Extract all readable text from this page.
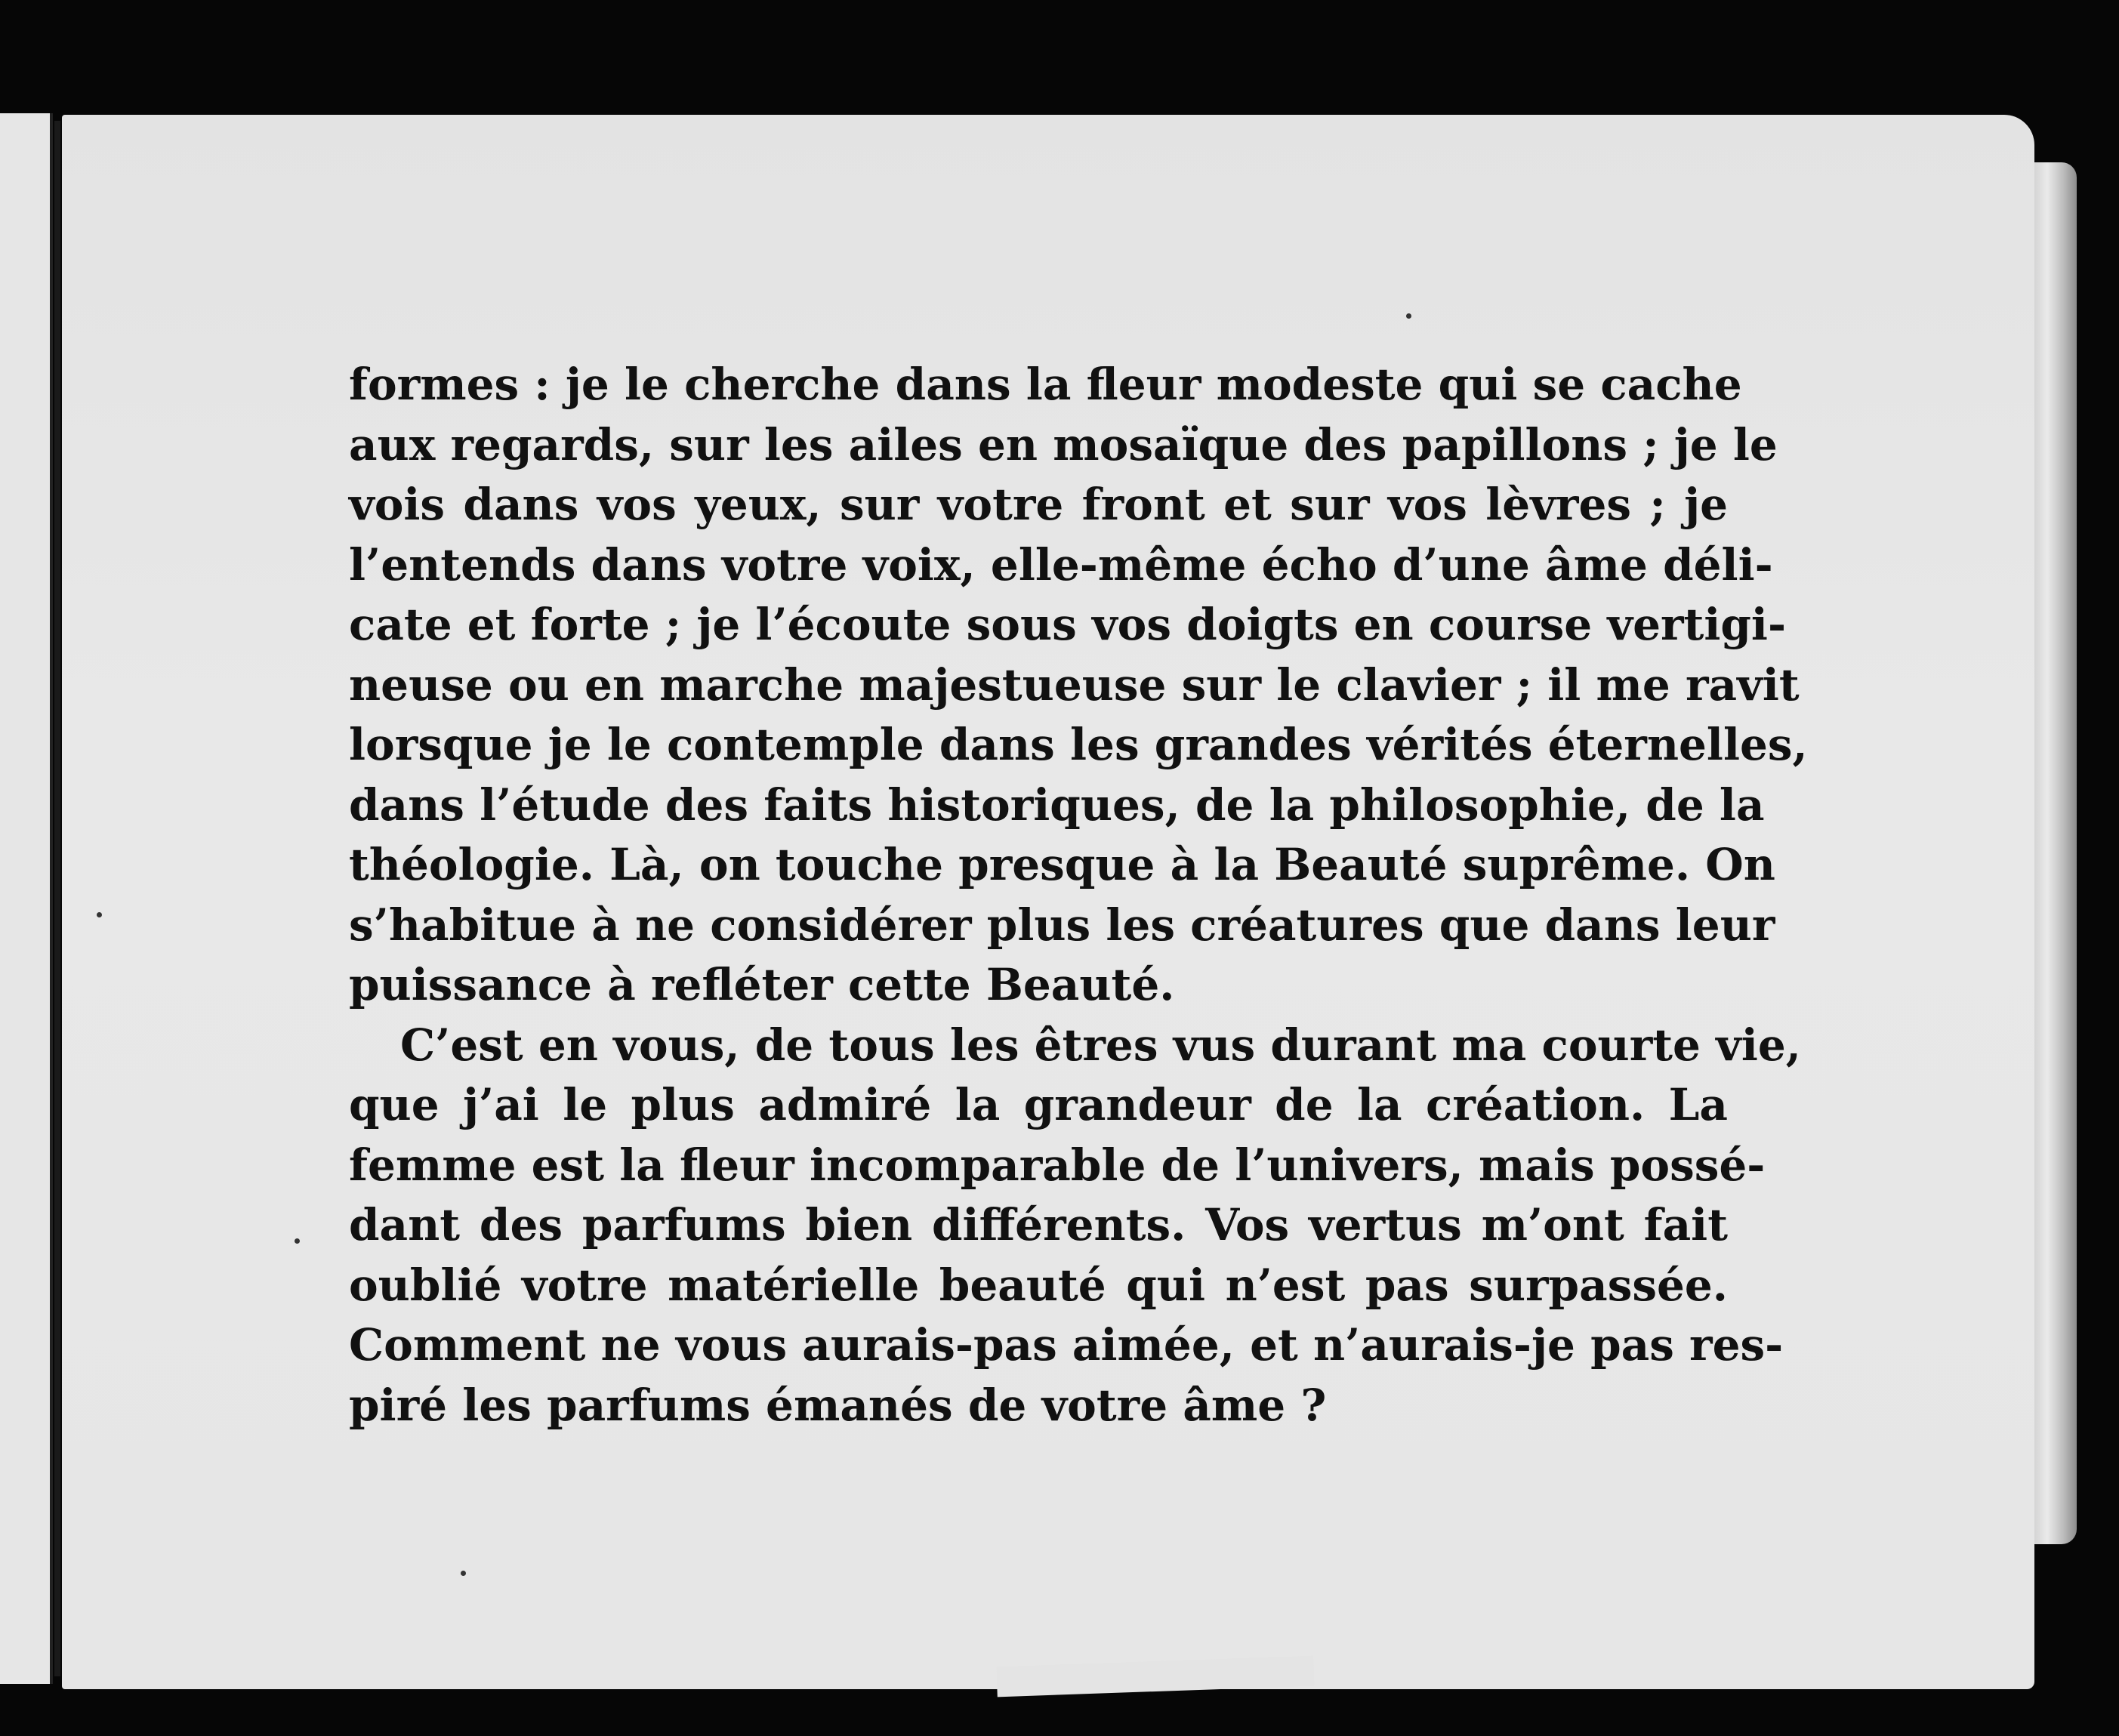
formes : je le cherche dans la fleur modeste qui se cache
aux regards, sur les ailes en mosaïque des papillons ; je le
vois dans vos yeux, sur votre front et sur vos lèvres ; je
l’entends dans votre voix, elle-même écho d’une âme déli-
cate et forte ; je l’écoute sous vos doigts en course vertigi-
neuse ou en marche majestueuse sur le clavier ; il me ravit
lorsque je le contemple dans les grandes vérités éternelles,
dans l’étude des faits historiques, de la philosophie, de la
théologie. Là, on touche presque à la Beauté suprême. On
s’habitue à ne considérer plus les créatures que dans leur
puissance à refléter cette Beauté.
C’est en vous, de tous les êtres vus durant ma courte vie,
que j’ai le plus admiré la grandeur de la création. La
femme est la fleur incomparable de l’univers, mais possé-
dant des parfums bien différents. Vos vertus m’ont fait
oublié votre matérielle beauté qui n’est pas surpassée.
Comment ne vous aurais-pas aimée, et n’aurais-je pas res-
piré les parfums émanés de votre âme ?
